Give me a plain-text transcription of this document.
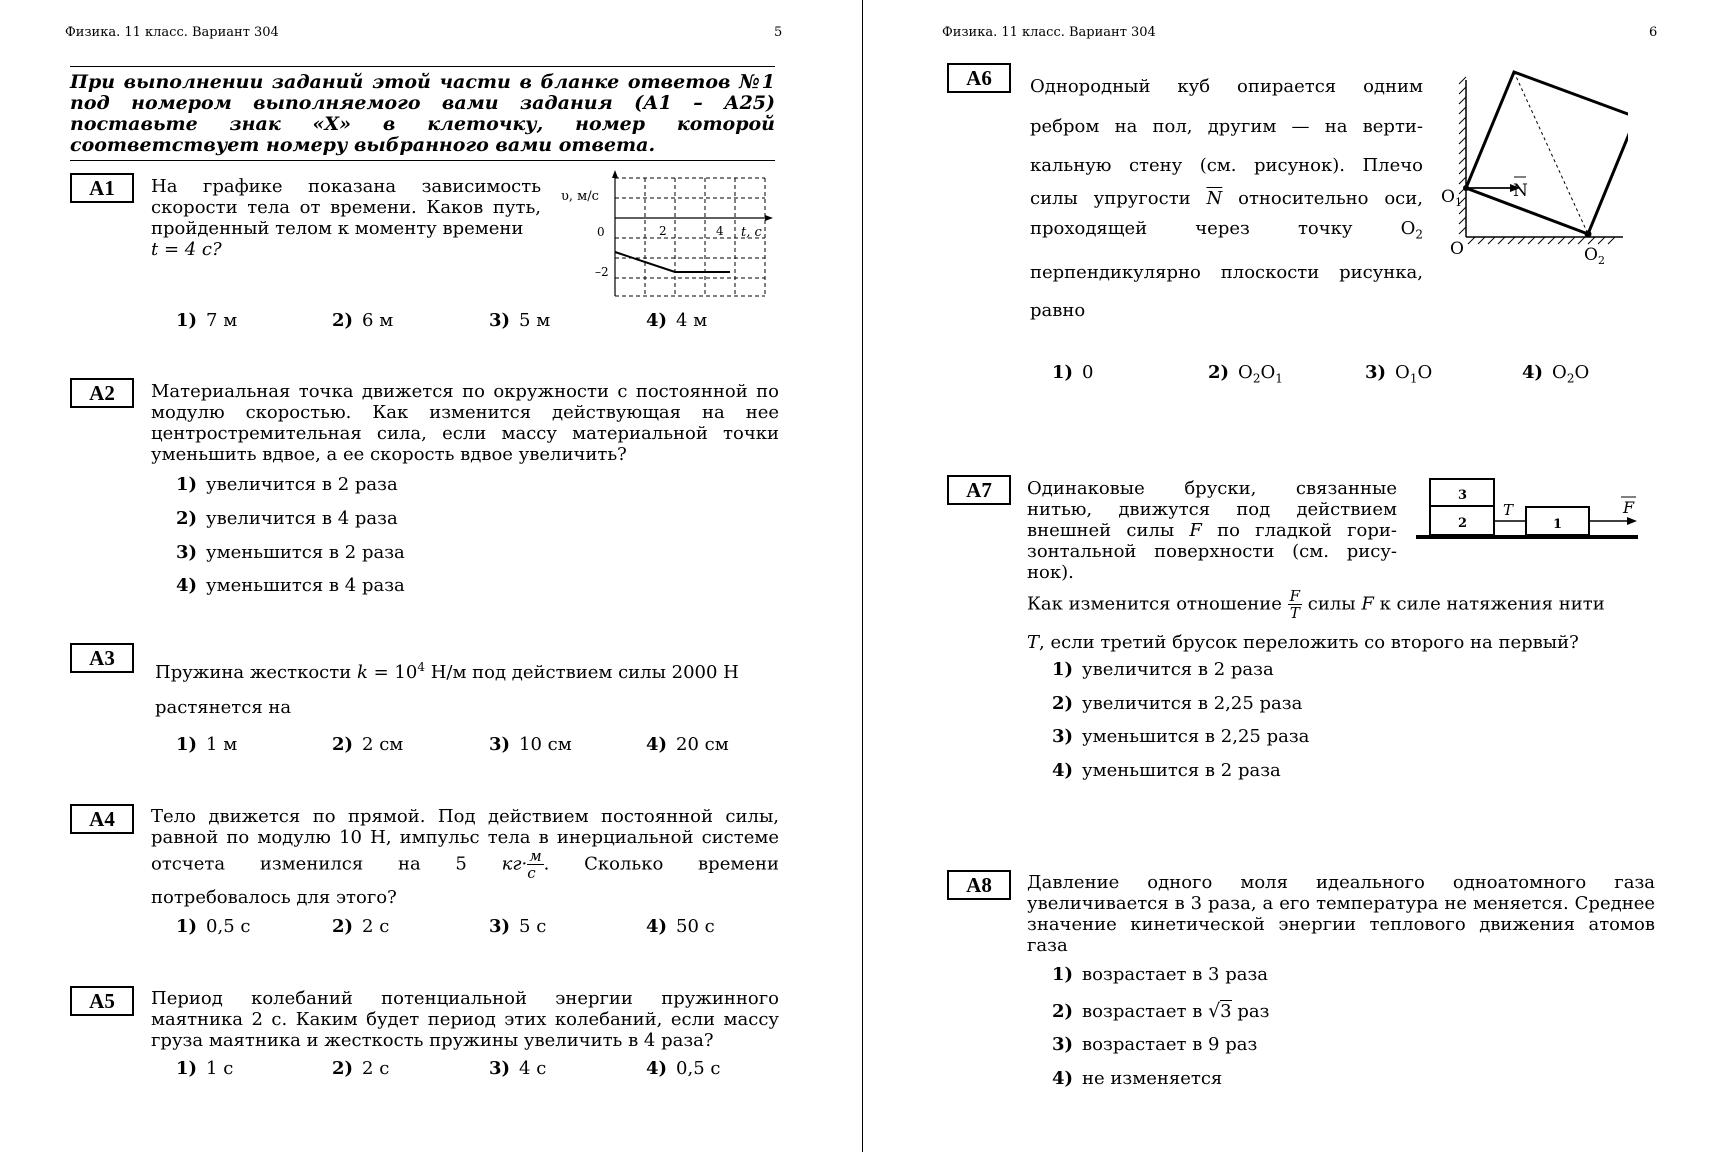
Физика. 11 класс. Вариант 304	5
При выполнении заданий этой части в бланке ответов №1 под номером выполняемого вами задания (А1 – А25) поставьте знак «Х» в клеточку, номер которой соответствует номеру выбранного вами ответа.
А1	На графике показана зависимость скорости тела от времени. Каков путь, пройденный телом к моменту времени
t = 4 с?
υ, м/с
0	2	4 t, с
–2
1) 7 м	2) 6 м	3) 5 м	4) 4 м
А2	Материальная точка движется по окружности с постоянной по модулю скоростью. Как изменится действующая на нее центростремительная сила, если массу материальной точки уменьшить вдвое, а ее скорость вдвое увеличить?
1) увеличится в 2 раза
2) увеличится в 4 раза
3) уменьшится в 2 раза
4) уменьшится в 4 раза
А3
Пружина жесткости $k = 10^4$ Н/м под действием силы 2000 Н
растянется на
1) 1 м	2) 2 см	3) 10 см	4) 20 см
А4	Тело движется по прямой. Под действием постоянной силы, равной по модулю 10 Н, импульс тела в инерциальной системе отсчета изменился на 5 $кг\cdot \frac{м}{с}$ . Сколько времени
потребовалось для этого?
1) 0,5 с	2) 2 с	3) 5 с	4) 50 с
А5	Период колебаний потенциальной энергии пружинного маятника 2 с. Каким будет период этих колебаний, если массу груза маятника и жесткость пружины увеличить в 4 раза?
1) 1 с	2) 2 с	3) 4 с	4) 0,5 с
Физика. 11 класс. Вариант 304	6
А6	Однородный куб опирается одним
ребром на пол, другим — на верти-
кальную стену (см. рисунок). Плечо
силы упругости $\overline{N}$ относительно оси,
проходящей через точку $O_2$
перпендикулярно плоскости рисунка,
равно
N
$O_1$
O	$O_2$
1) 0	2) $O_2O_1$	3) $O_1O$	4) $O_2O$
А7	Одинаковые бруски, связанные
нитью, движутся под действием
внешней силы F по гладкой гори-
зонтальной поверхности (см. рису-
нок).
3
2	1
T	F
Как изменится отношение $\frac{F}{T}$ силы F к силе натяжения нити
T, если третий брусок переложить со второго на первый?
1) увеличится в 2 раза
2) увеличится в 2,25 раза
3) уменьшится в 2,25 раза
4) уменьшится в 2 раза
А8	Давление одного моля идеального одноатомного газа увеличивается в 3 раза, а его температура не меняется. Среднее значение кинетической энергии теплового движения атомов газа
1) возрастает в 3 раза
2) возрастает в √3 раз
3) возрастает в 9 раз
4) не изменяется
